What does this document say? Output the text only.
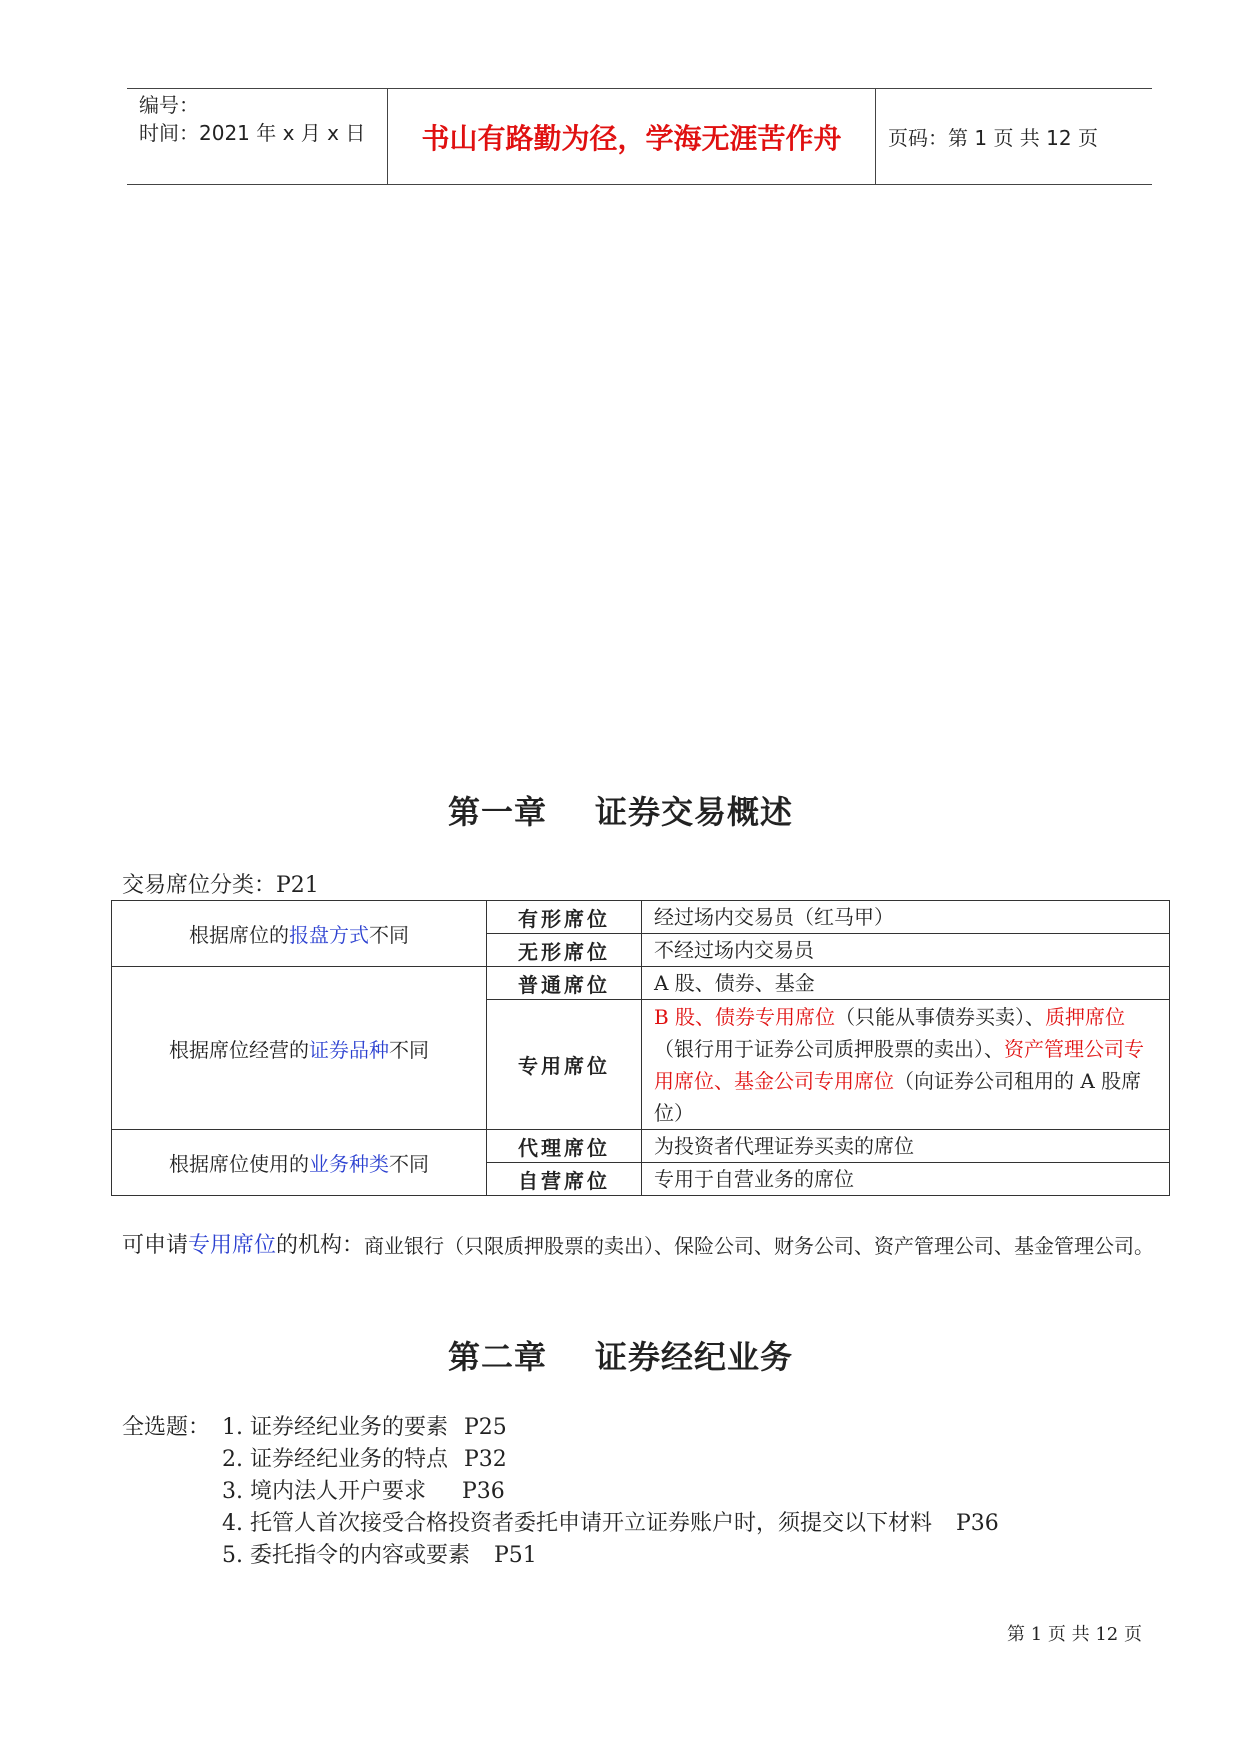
编号：
时间：2021 年 x 月 x 日	书山有路勤为径，学海无涯苦作舟	页码：第 1 页 共 12 页
第一章 证券交易概述
交易席位分类：P21
根据席位的报盘方式不同	有形席位	经过场内交易员（红马甲）
	无形席位	不经过场内交易员
根据席位经营的证券品种不同	普通席位	A 股、债券、基金
	专用席位	B 股、债券专用席位（只能从事债券买卖）、质押席位（银行用于证券公司质押股票的卖出）、资产管理公司专用席位、基金公司专用席位（向证券公司租用的 A 股席位）
根据席位使用的业务种类不同	代理席位	为投资者代理证券买卖的席位
	自营席位	专用于自营业务的席位
可申请专用席位的机构： 商业银行（只限质押股票的卖出）、保险公司、财务公司、资产管理公司、基金管理公司。
第二章 证券经纪业务
全选题： 1. 证券经纪业务的要素 P25
2. 证券经纪业务的特点 P32
3. 境内法人开户要求 P36
4. 托管人首次接受合格投资者委托申请开立证券账户时，须提交以下材料 P36
5. 委托指令的内容或要素 P51
第 1 页 共 12 页
